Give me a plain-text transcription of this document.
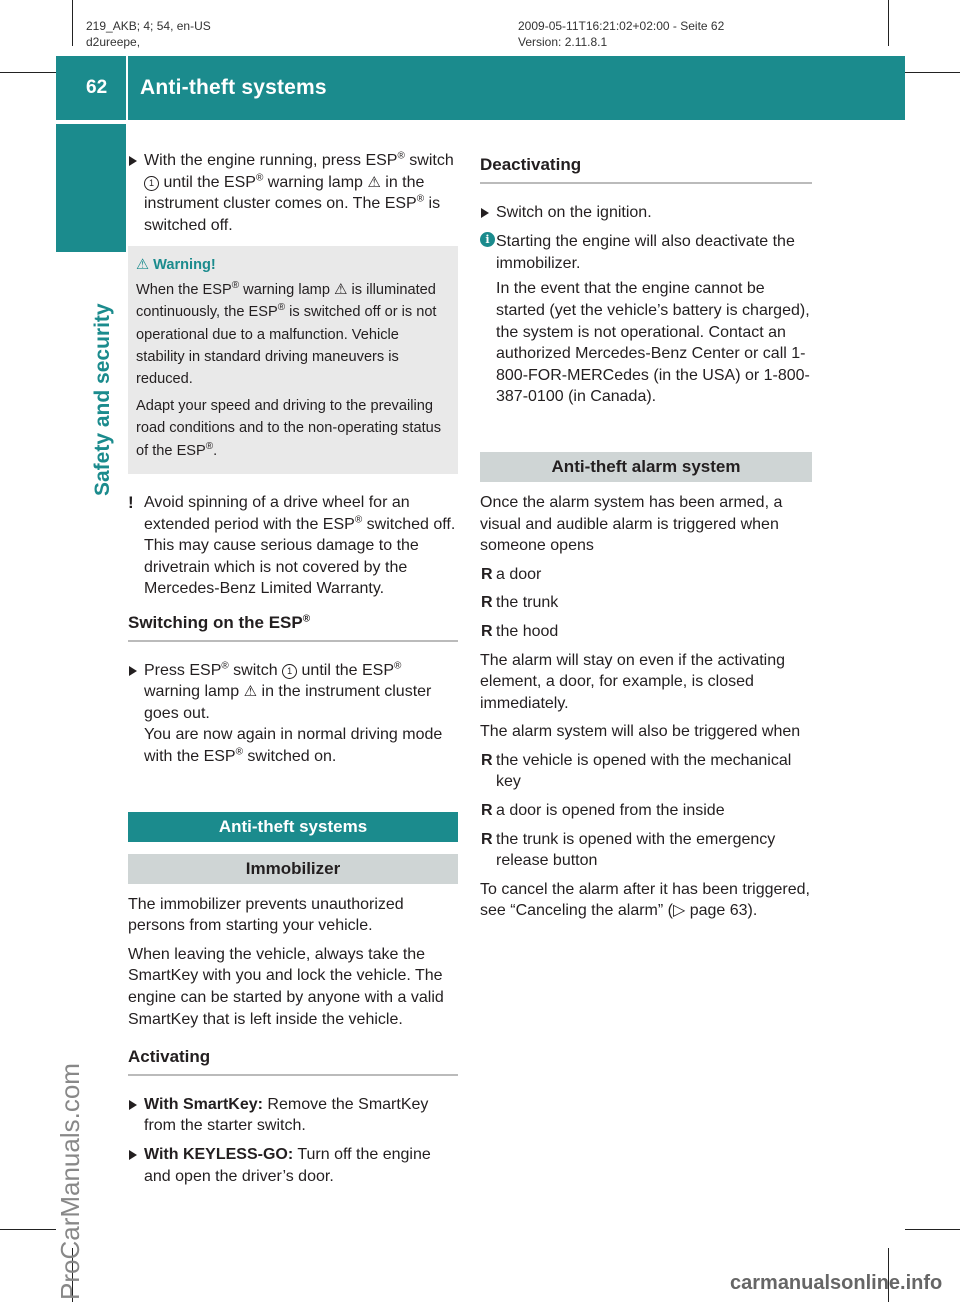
219_AKB; 4; 54, en-US
d2ureepe,
2009-05-11T16:21:02+02:00 - Seite 62
Version: 2.11.8.1
62 Anti-theft systems
Safety and security
ProCarManuals.com	carmanualsonline.info
With the engine running, press ESP® switch 1 until the ESP® warning lamp ⚠ in the instrument cluster comes on. The ESP® is switched off.
⚠ Warning!

When the ESP® warning lamp ⚠ is illuminated continuously, the ESP® is switched off or is not operational due to a malfunction. Vehicle stability in standard driving maneuvers is reduced.

Adapt your speed and driving to the prevailing road conditions and to the non-operating status of the ESP®.

! Avoid spinning of a drive wheel for an extended period with the ESP® switched off. This may cause serious damage to the drivetrain which is not covered by the Mercedes-Benz Limited Warranty.
Switching on the ESP®
Press ESP® switch 1 until the ESP® warning lamp ⚠ in the instrument cluster goes out.
You are now again in normal driving mode with the ESP® switched on.
Anti-theft systems
Immobilizer

The immobilizer prevents unauthorized persons from starting your vehicle.

When leaving the vehicle, always take the SmartKey with you and lock the vehicle. The engine can be started by anyone with a valid SmartKey that is left inside the vehicle.

Activating
With SmartKey: Remove the SmartKey from the starter switch.
With KEYLESS-GO: Turn off the engine and open the driver’s door.
Deactivating
Switch on the ignition.
i Starting the engine will also deactivate the immobilizer.

In the event that the engine cannot be started (yet the vehicle’s battery is charged), the system is not operational. Contact an authorized Mercedes-Benz Center or call 1-800-FOR-MERCedes (in the USA) or 1-800-387-0100 (in Canada).

Anti-theft alarm system

Once the alarm system has been armed, a visual and audible alarm is triggered when someone opens

R a door
R the trunk
R the hood

The alarm will stay on even if the activating element, a door, for example, is closed immediately.

The alarm system will also be triggered when

R the vehicle is opened with the mechanical key
R a door is opened from the inside
R the trunk is opened with the emergency release button

To cancel the alarm after it has been triggered, see “Canceling the alarm” (▷ page 63).
